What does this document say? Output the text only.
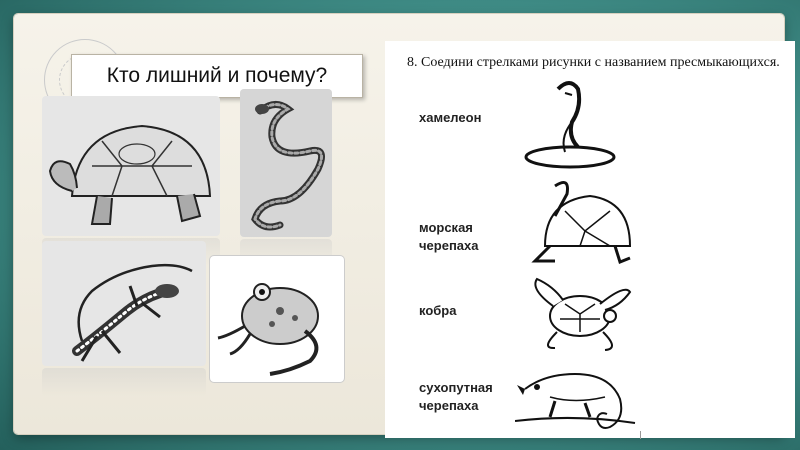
Кто лишний и почему?
8. Соедини стрелками рисунки с названием пресмыкающихся.
хамелеон
морская
черепаха
кобра
сухопутная
черепаха
